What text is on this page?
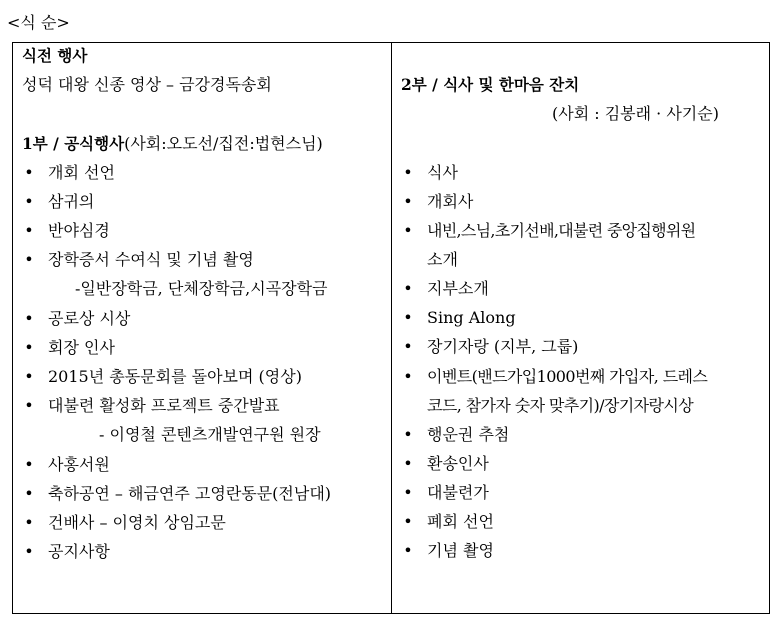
<식 순>
식전 행사
성덕 대왕 신종 영상 – 금강경독송회
1부 / 공식행사(사회:오도선/집전:법현스님)
• 개회 선언
• 삼귀의
• 반야심경
• 장학증서 수여식 및 기념 촬영
-일반장학금, 단체장학금,시곡장학금
• 공로상 시상
• 회장 인사
• 2015년 총동문회를 돌아보며 (영상)
• 대불련 활성화 프로젝트 중간발표
- 이영철 콘텐츠개발연구원 원장
• 사홍서원
• 축하공연 – 해금연주 고영란동문(전남대)
• 건배사 – 이영치 상임고문
• 공지사항
2부 / 식사 및 한마음 잔치
(사회 : 김봉래 · 사기순)
• 식사
• 개회사
• 내빈,스님,초기선배,대불련 중앙집행위원
소개
• 지부소개
• Sing Along
• 장기자랑 (지부, 그룹)
• 이벤트(밴드가입1000번째 가입자, 드레스
코드, 참가자 숫자 맞추기)/장기자랑시상
• 행운권 추첨
• 환송인사
• 대불련가
• 폐회 선언
• 기념 촬영
